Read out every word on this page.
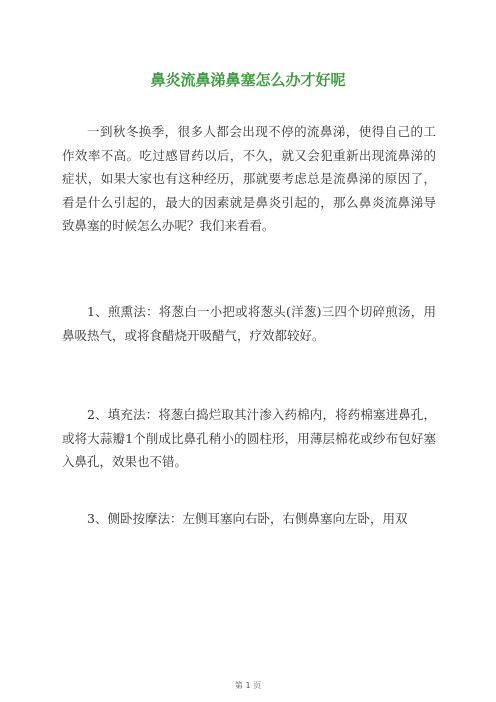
鼻炎流鼻涕鼻塞怎么办才好呢

一到秋冬换季，很多人都会出现不停的流鼻涕，使得自己的工作效率不高。吃过感冒药以后，不久，就又会犯重新出现流鼻涕的症状，如果大家也有这种经历，那就要考虑总是流鼻涕的原因了，看是什么引起的，最大的因素就是鼻炎引起的，那么鼻炎流鼻涕导致鼻塞的时候怎么办呢？我们来看看。

1、煎熏法：将葱白一小把或将葱头(洋葱)三四个切碎煎汤，用鼻吸热气，或将食醋烧开吸醋气，疗效都较好。

2、填充法：将葱白捣烂取其汁渗入药棉内，将药棉塞进鼻孔，或将大蒜瓣1个削成比鼻孔稍小的圆柱形，用薄层棉花或纱布包好塞入鼻孔，效果也不错。

3、侧卧按摩法：左侧耳塞向右卧，右侧鼻塞向左卧，用双

第 1 页
